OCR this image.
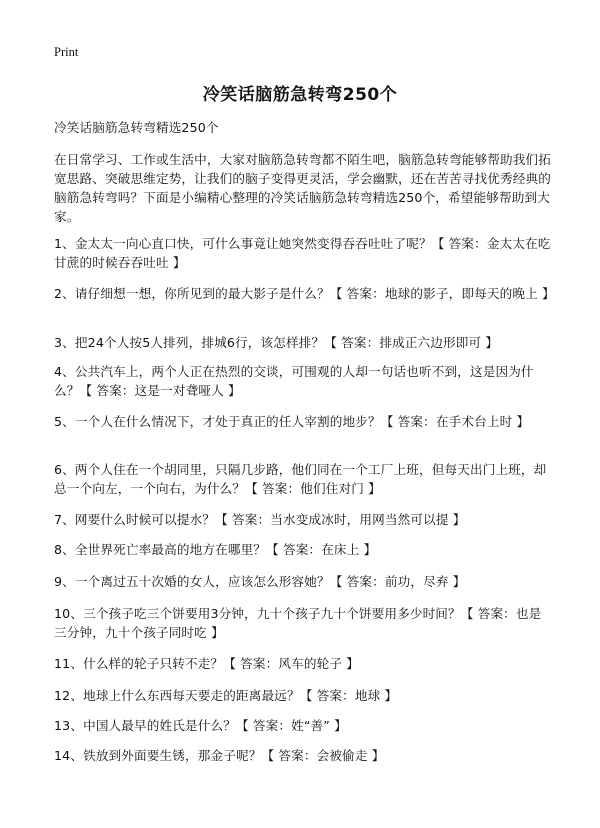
Print
冷笑话脑筋急转弯250个
冷笑话脑筋急转弯精选250个
在日常学习、工作或生活中，大家对脑筋急转弯都不陌生吧，脑筋急转弯能够帮助我们拓宽思路、突破思维定势，让我们的脑子变得更灵活，学会幽默，还在苦苦寻找优秀经典的脑筋急转弯吗？下面是小编精心整理的冷笑话脑筋急转弯精选250个，希望能够帮助到大家。
1、金太太一向心直口快，可什么事竟让她突然变得吞吞吐吐了呢？【 答案：金太太在吃甘蔗的时候吞吞吐吐 】
2、请仔细想一想，你所见到的最大影子是什么？【 答案：地球的影子，即每天的晚上 】
3、把24个人按5人排列，排城6行，该怎样排？【 答案：排成正六边形即可 】
4、公共汽车上，两个人正在热烈的交谈，可围观的人却一句话也听不到，这是因为什么？【 答案：这是一对聋哑人 】
5、一个人在什么情况下，才处于真正的任人宰割的地步？【 答案：在手术台上时 】
6、两个人住在一个胡同里，只隔几步路，他们同在一个工厂上班，但每天出门上班，却总一个向左，一个向右，为什么？【 答案：他们住对门 】
7、网要什么时候可以提水？【 答案：当水变成冰时，用网当然可以提 】
8、全世界死亡率最高的地方在哪里？【 答案：在床上 】
9、一个离过五十次婚的女人，应该怎么形容她？【 答案：前功，尽弃 】
10、三个孩子吃三个饼要用3分钟，九十个孩子九十个饼要用多少时间？【 答案：也是三分钟，九十个孩子同时吃 】
11、什么样的轮子只转不走？【 答案：风车的轮子 】
12、地球上什么东西每天要走的距离最远？【 答案：地球 】
13、中国人最早的姓氏是什么？【 答案：姓“善” 】
14、铁放到外面要生锈，那金子呢？【 答案：会被偷走 】
